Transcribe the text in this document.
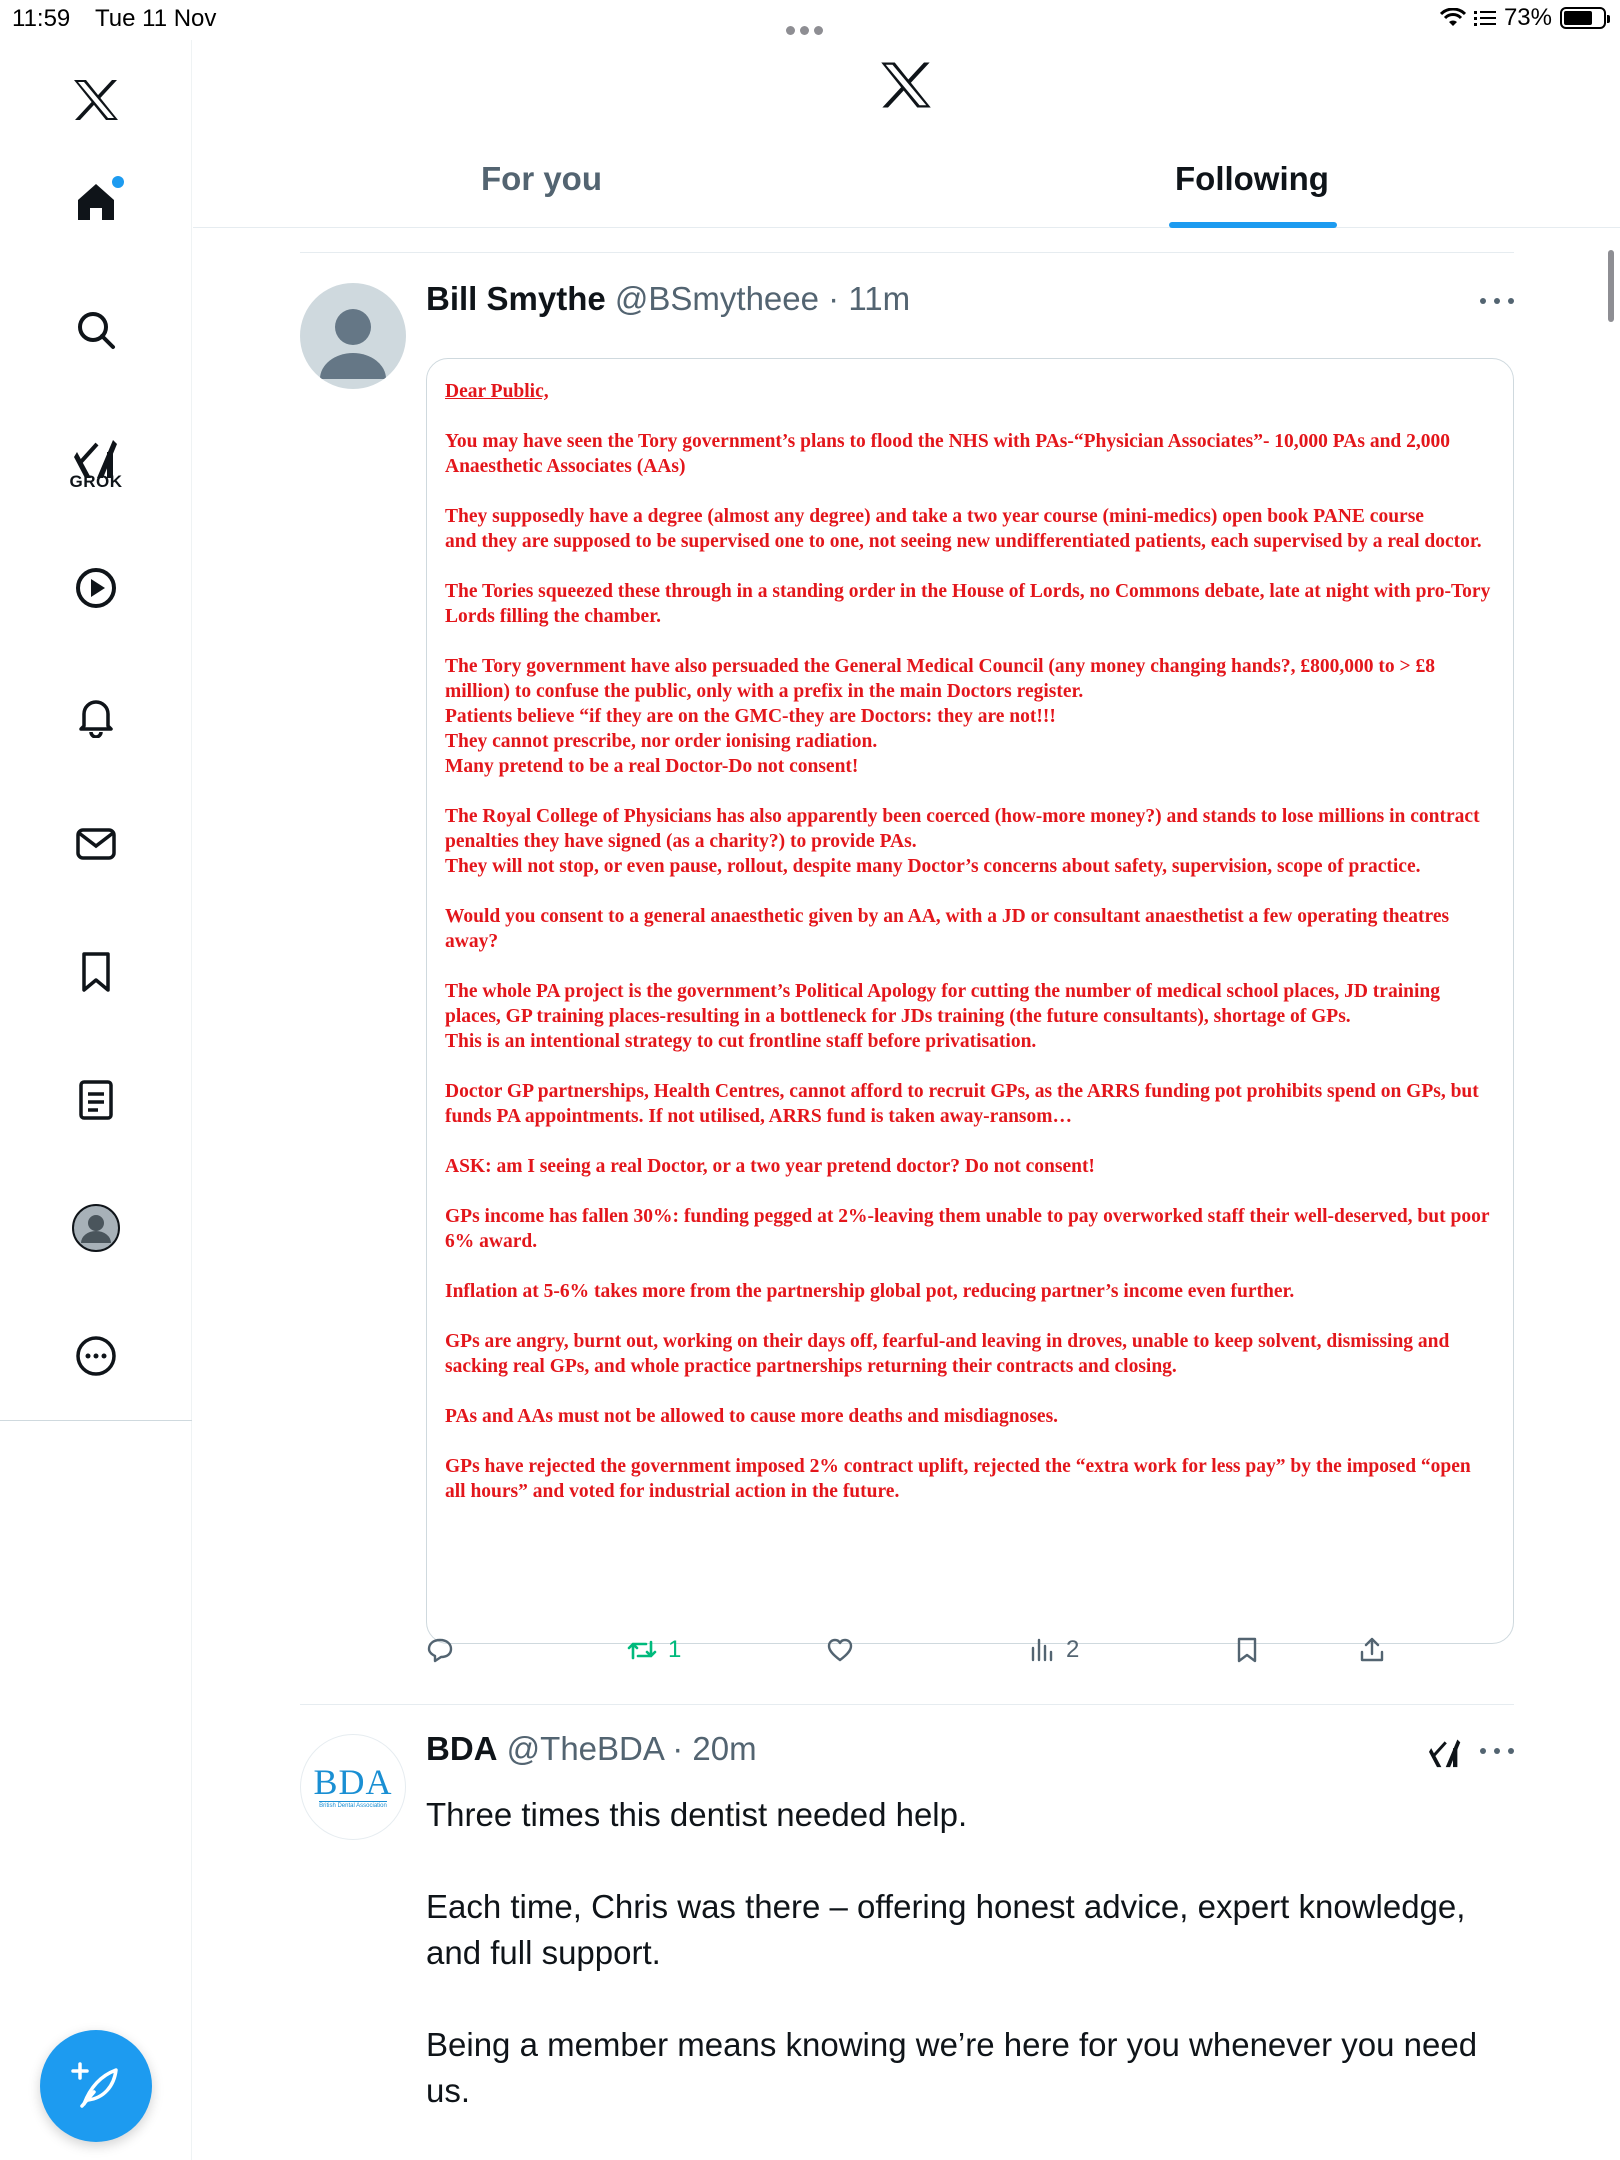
11:59 Tue 11 Nov	73%
GROK
For you	Following
Bill Smythe @BSmytheee · 11m

Dear Public,

You may have seen the Tory government’s plans to flood the NHS with PAs-“Physician Associates”- 10,000 PAs and 2,000 Anaesthetic Associates (AAs)

They supposedly have a degree (almost any degree) and take a two year course (mini-medics) open book PANE course
and they are supposed to be supervised one to one, not seeing new undifferentiated patients, each supervised by a real doctor.

The Tories squeezed these through in a standing order in the House of Lords, no Commons debate, late at night with pro-Tory Lords filling the chamber.

The Tory government have also persuaded the General Medical Council (any money changing hands?, £800,000 to > £8 million) to confuse the public, only with a prefix in the main Doctors register.
Patients believe “if they are on the GMC-they are Doctors: they are not!!!
They cannot prescribe, nor order ionising radiation.
Many pretend to be a real Doctor-Do not consent!

The Royal College of Physicians has also apparently been coerced (how-more money?) and stands to lose millions in contract penalties they have signed (as a charity?) to provide PAs.
They will not stop, or even pause, rollout, despite many Doctor’s concerns about safety, supervision, scope of practice.

Would you consent to a general anaesthetic given by an AA, with a JD or consultant anaesthetist a few operating theatres away?

The whole PA project is the government’s Political Apology for cutting the number of medical school places, JD training places, GP training places-resulting in a bottleneck for JDs training (the future consultants), shortage of GPs.
This is an intentional strategy to cut frontline staff before privatisation.

Doctor GP partnerships, Health Centres, cannot afford to recruit GPs, as the ARRS funding pot prohibits spend on GPs, but funds PA appointments. If not utilised, ARRS fund is taken away-ransom…

ASK: am I seeing a real Doctor, or a two year pretend doctor? Do not consent!

GPs income has fallen 30%: funding pegged at 2%-leaving them unable to pay overworked staff their well-deserved, but poor 6% award.

Inflation at 5-6% takes more from the partnership global pot, reducing partner’s income even further.

GPs are angry, burnt out, working on their days off, fearful-and leaving in droves, unable to keep solvent, dismissing and sacking real GPs, and whole practice partnerships returning their contracts and closing.

PAs and AAs must not be allowed to cause more deaths and misdiagnoses.

GPs have rejected the government imposed 2% contract uplift, rejected the “extra work for less pay” by the imposed “open all hours” and voted for industrial action in the future.

1	2
BDA
British Dental Association
BDA @TheBDA · 20m
Three times this dentist needed help.

Each time, Chris was there – offering honest advice, expert knowledge, and full support.

Being a member means knowing we’re here for you whenever you need us.
